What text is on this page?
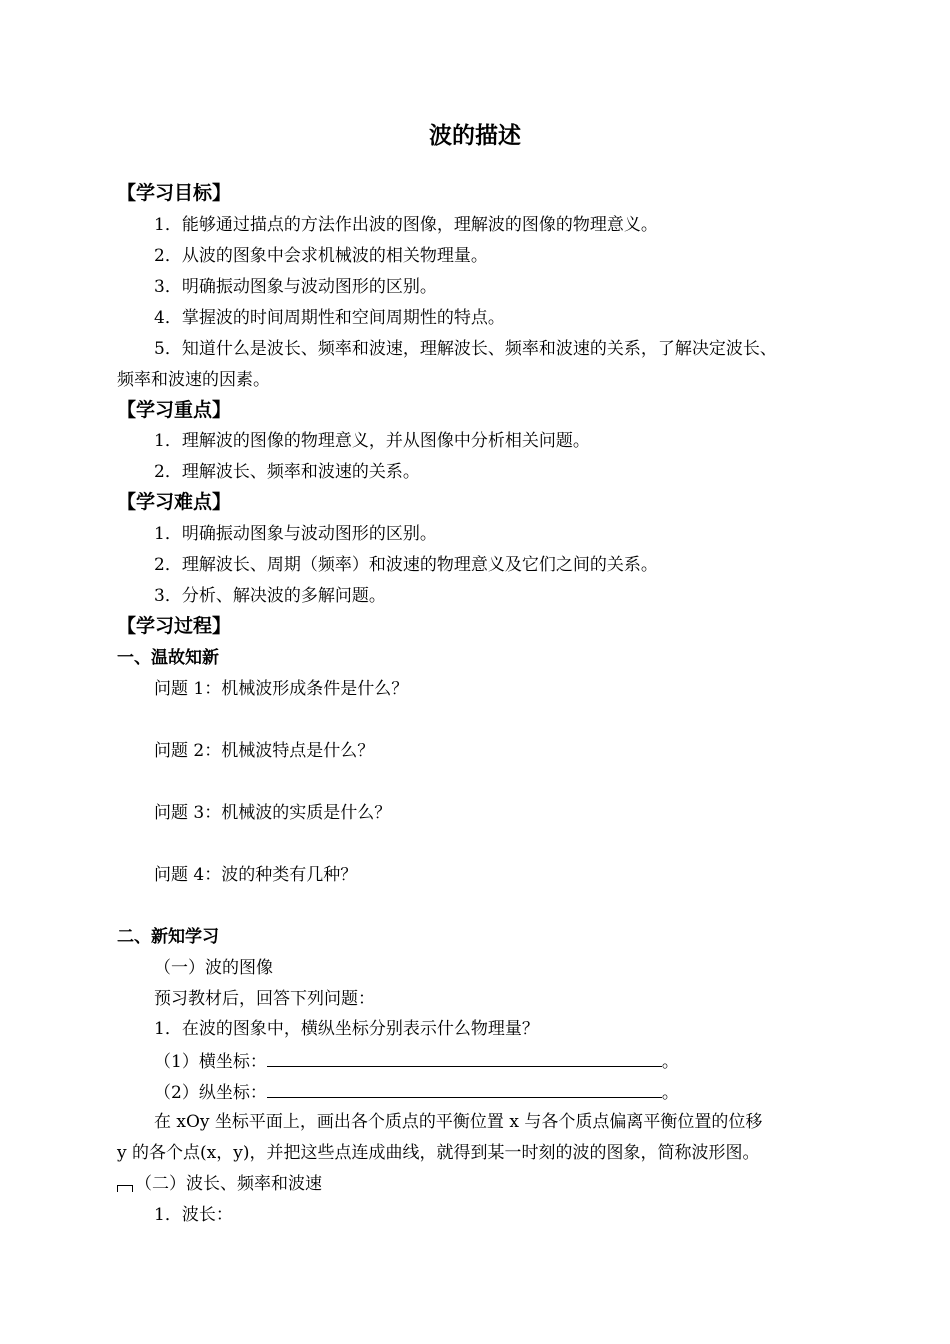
波的描述
【学习目标】
1．能够通过描点的方法作出波的图像，理解波的图像的物理意义。
2．从波的图象中会求机械波的相关物理量。
3．明确振动图象与波动图形的区别。
4．掌握波的时间周期性和空间周期性的特点。
5．知道什么是波长、频率和波速，理解波长、频率和波速的关系，了解决定波长、
频率和波速的因素。
【学习重点】
1．理解波的图像的物理意义，并从图像中分析相关问题。
2．理解波长、频率和波速的关系。
【学习难点】
1．明确振动图象与波动图形的区别。
2．理解波长、周期（频率）和波速的物理意义及它们之间的关系。
3．分析、解决波的多解问题。
【学习过程】
一、温故知新
问题 1：机械波形成条件是什么？
问题 2：机械波特点是什么？
问题 3：机械波的实质是什么？
问题 4：波的种类有几种？
二、新知学习
（一）波的图像
预习教材后，回答下列问题：
1．在波的图象中，横纵坐标分别表示什么物理量？
（1）横坐标：	。
（2）纵坐标：	。
在 xOy 坐标平面上，画出各个质点的平衡位置 x 与各个质点偏离平衡位置的位移
y 的各个点(x，y)，并把这些点连成曲线，就得到某一时刻的波的图象，简称波形图。
（二）波长、频率和波速
1．波长：
